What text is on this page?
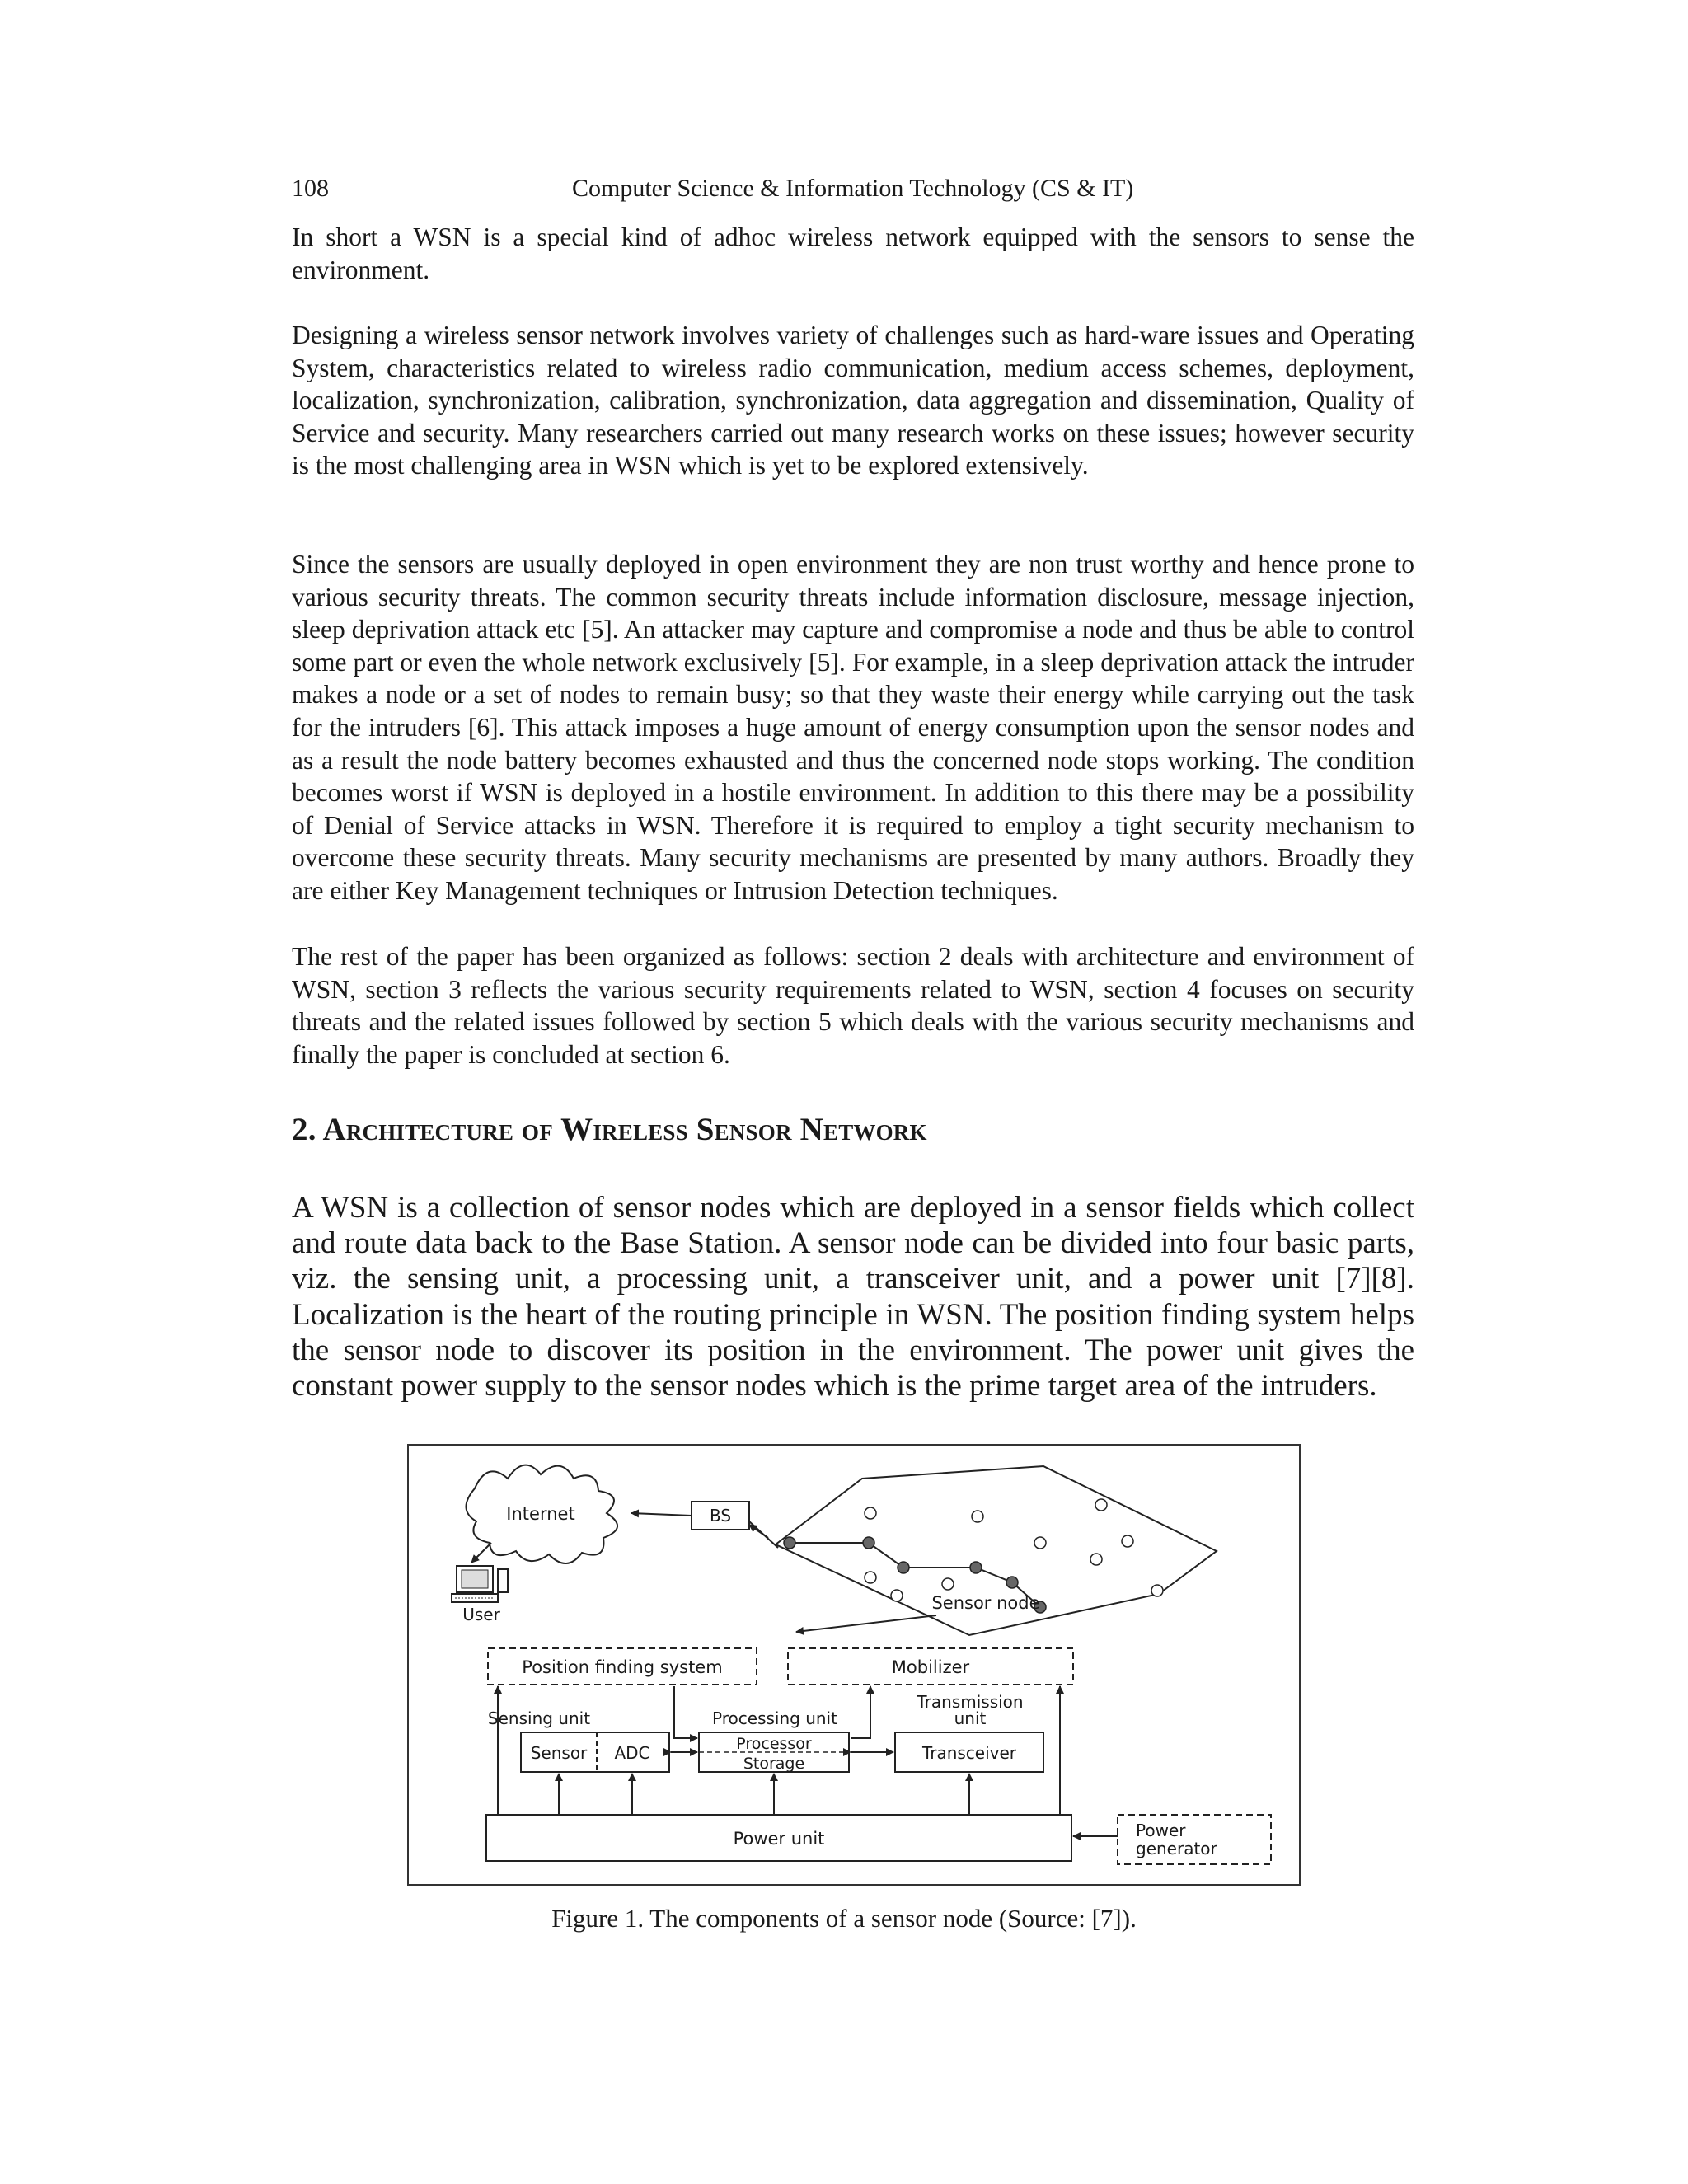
108	Computer Science & Information Technology (CS & IT)

In short a WSN is a special kind of adhoc wireless network equipped with the sensors to sense the environment.

Designing a wireless sensor network involves variety of challenges such as hard-ware issues and Operating System, characteristics related to wireless radio communication, medium access schemes, deployment, localization, synchronization, calibration, synchronization, data aggregation and dissemination, Quality of Service and security. Many researchers carried out many research works on these issues; however security is the most challenging area in WSN which is yet to be explored extensively.

Since the sensors are usually deployed in open environment they are non trust worthy and hence prone to various security threats. The common security threats include information disclosure, message injection, sleep deprivation attack etc [5]. An attacker may capture and compromise a node and thus be able to control some part or even the whole network exclusively [5]. For example, in a sleep deprivation attack the intruder makes a node or a set of nodes to remain busy; so that they waste their energy while carrying out the task for the intruders [6]. This attack imposes a huge amount of energy consumption upon the sensor nodes and as a result the node battery becomes exhausted and thus the concerned node stops working. The condition becomes worst if WSN is deployed in a hostile environment. In addition to this there may be a possibility of Denial of Service attacks in WSN. Therefore it is required to employ a tight security mechanism to overcome these security threats. Many security mechanisms are presented by many authors. Broadly they are either Key Management techniques or Intrusion Detection techniques.

The rest of the paper has been organized as follows: section 2 deals with architecture and environment of WSN, section 3 reflects the various security requirements related to WSN, section 4 focuses on security threats and the related issues followed by section 5 which deals with the various security mechanisms and finally the paper is concluded at section 6.

2. Architecture of Wireless Sensor Network

A WSN is a collection of sensor nodes which are deployed in a sensor fields which collect and route data back to the Base Station. A sensor node can be divided into four basic parts, viz. the sensing unit, a processing unit, a transceiver unit, and a power unit [7][8]. Localization is the heart of the routing principle in WSN. The position finding system helps the sensor node to discover its position in the environment. The power unit gives the constant power supply to the sensor nodes which is the prime target area of the intruders.

Internet	BS
User
Sensor node
Position finding system	Mobilizer
Sensing unit	Processing unit
Transmission
unit
Sensor ADC	Processor
Storage
Transceiver
Power unit	Power
generator
Figure 1. The components of a sensor node (Source: [7]).
